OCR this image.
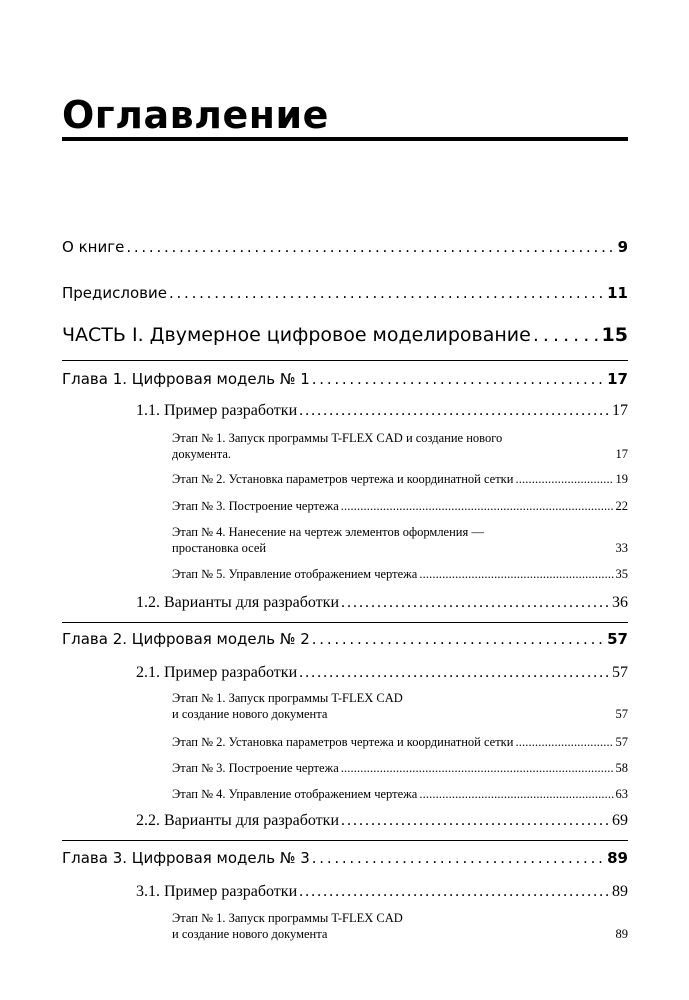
Оглавление
О книге . . .	9
Предисловие . . .	11
ЧАСТЬ I. Двумерное цифровое моделирование . . .	15
Глава 1. Цифровая модель № 1 . . .	17
1.1. Пример разработки . . .	17
Этап № 1. Запуск программы T-FLEX CAD и создание нового
документа.	17
Этап № 2. Установка параметров чертежа и координатной сетки . . .	19
Этап № 3. Построение чертежа . . .	22
Этап № 4. Нанесение на чертеж элементов оформления —
простановка осей	33
Этап № 5. Управление отображением чертежа . . .	35
1.2. Варианты для разработки . . .	36
Глава 2. Цифровая модель № 2 . . .	57
2.1. Пример разработки . . .	57
Этап № 1. Запуск программы T-FLEX CAD
и создание нового документа	57
Этап № 2. Установка параметров чертежа и координатной сетки . . .	57
Этап № 3. Построение чертежа . . .	58
Этап № 4. Управление отображением чертежа . . .	63
2.2. Варианты для разработки . . .	69
Глава 3. Цифровая модель № 3 . . .	89
3.1. Пример разработки . . .	89
Этап № 1. Запуск программы T-FLEX CAD
и создание нового документа	89
